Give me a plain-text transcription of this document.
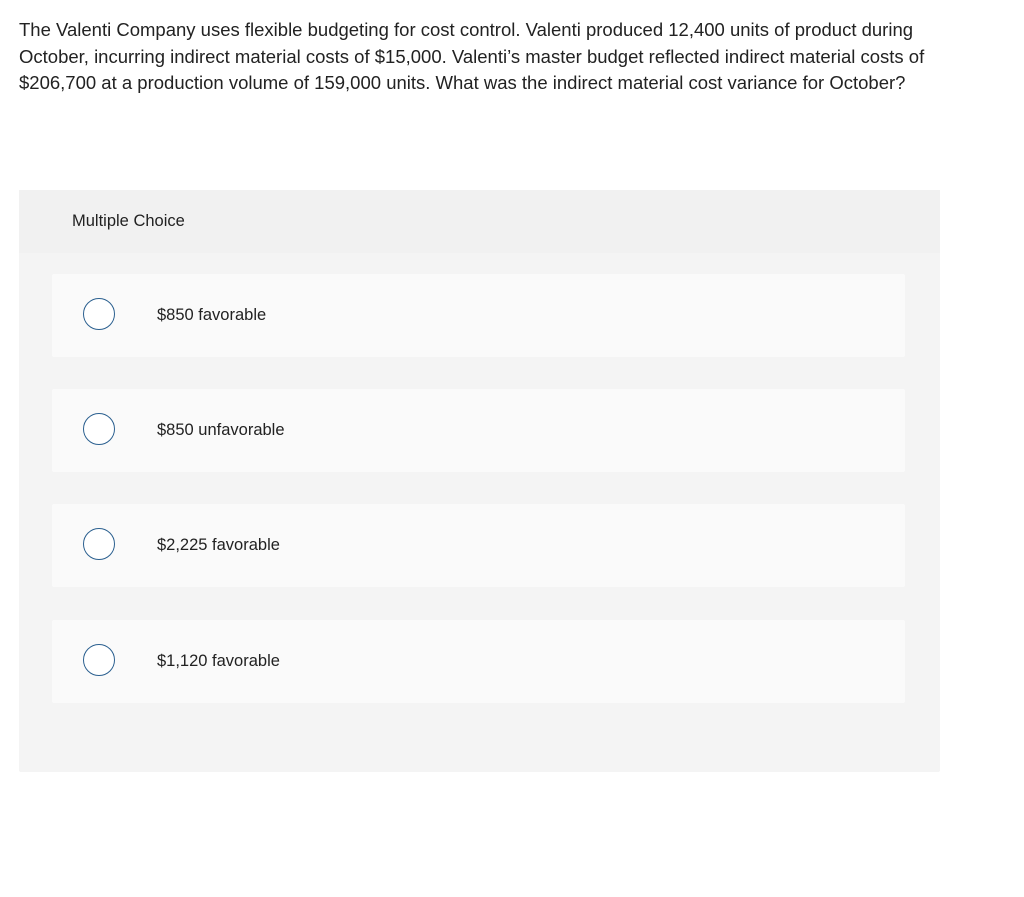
The Valenti Company uses flexible budgeting for cost control. Valenti produced 12,400 units of product during October, incurring indirect material costs of $15,000. Valenti’s master budget reflected indirect material costs of $206,700 at a production volume of 159,000 units. What was the indirect material cost variance for October?

Multiple Choice
$850 favorable
$850 unfavorable
$2,225 favorable
$1,120 favorable
